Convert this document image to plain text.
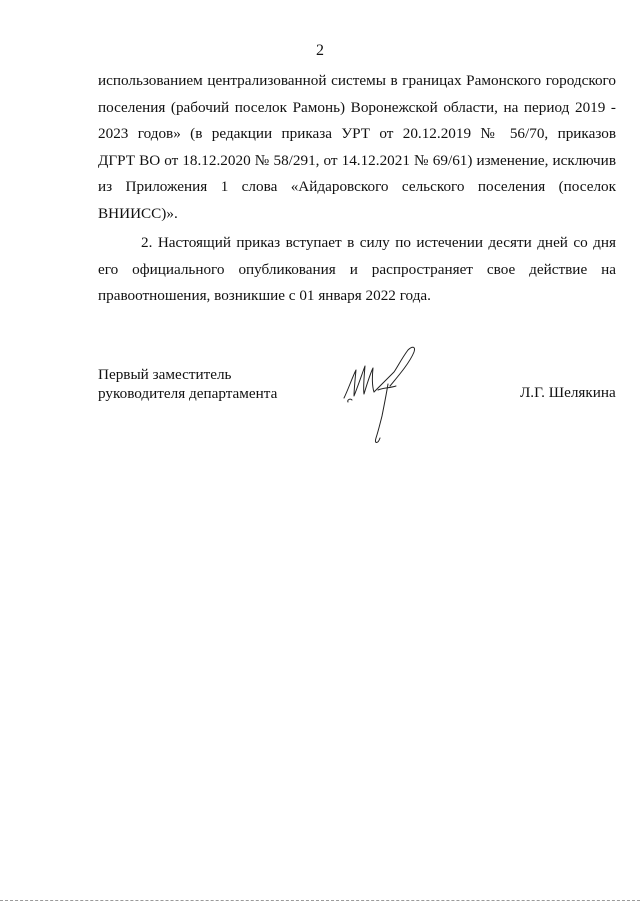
2
использованием централизованной системы в границах Рамонского городского
поселения (рабочий поселок Рамонь) Воронежской области, на период 2019 -
2023 годов» (в редакции приказа УРТ от 20.12.2019 № 56/70, приказов
ДГРТ ВО от 18.12.2020 № 58/291, от 14.12.2021 № 69/61) изменение, исключив
из Приложения 1 слова «Айдаровского сельского поселения (поселок
ВНИИСС)».
2. Настоящий приказ вступает в силу по истечении десяти дней со дня
его официального опубликования и распространяет свое действие на
правоотношения, возникшие с 01 января 2022 года.
Первый заместитель
руководителя департамента	Л.Г. Шелякина
